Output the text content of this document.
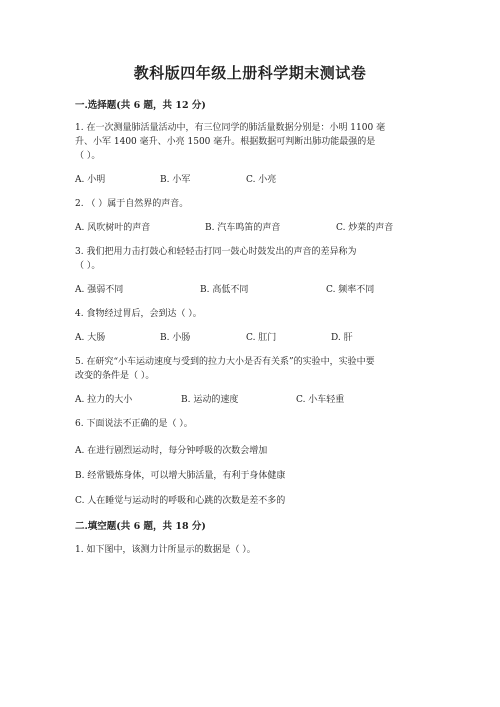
教科版四年级上册科学期末测试卷
一.选择题(共 6 题，共 12 分)
1. 在一次测量肺活量活动中，有三位同学的肺活量数据分别是：小明 1100 毫
升、小军 1400 毫升、小亮 1500 毫升。根据数据可判断出肺功能最强的是
（ ）。
A. 小明	B. 小军	C. 小亮
2. （ ）属于自然界的声音。
A. 风吹树叶的声音	B. 汽车鸣笛的声音	C. 炒菜的声音
3. 我们把用力击打鼓心和轻轻击打同一鼓心时鼓发出的声音的差异称为
（ ）。
A. 强弱不同	B. 高低不同	C. 频率不同
4. 食物经过胃后，会到达（ ）。
A. 大肠	B. 小肠	C. 肛门	D. 肝
5. 在研究“小车运动速度与受到的拉力大小是否有关系”的实验中，实验中要
改变的条件是（ ）。
A. 拉力的大小	B. 运动的速度	C. 小车轻重
6. 下面说法不正确的是（ ）。
A. 在进行剧烈运动时，每分钟呼吸的次数会增加
B. 经常锻炼身体，可以增大肺活量，有利于身体健康
C. 人在睡觉与运动时的呼吸和心跳的次数是差不多的
二.填空题(共 6 题，共 18 分)
1. 如下图中，该测力计所显示的数据是（ ）。
